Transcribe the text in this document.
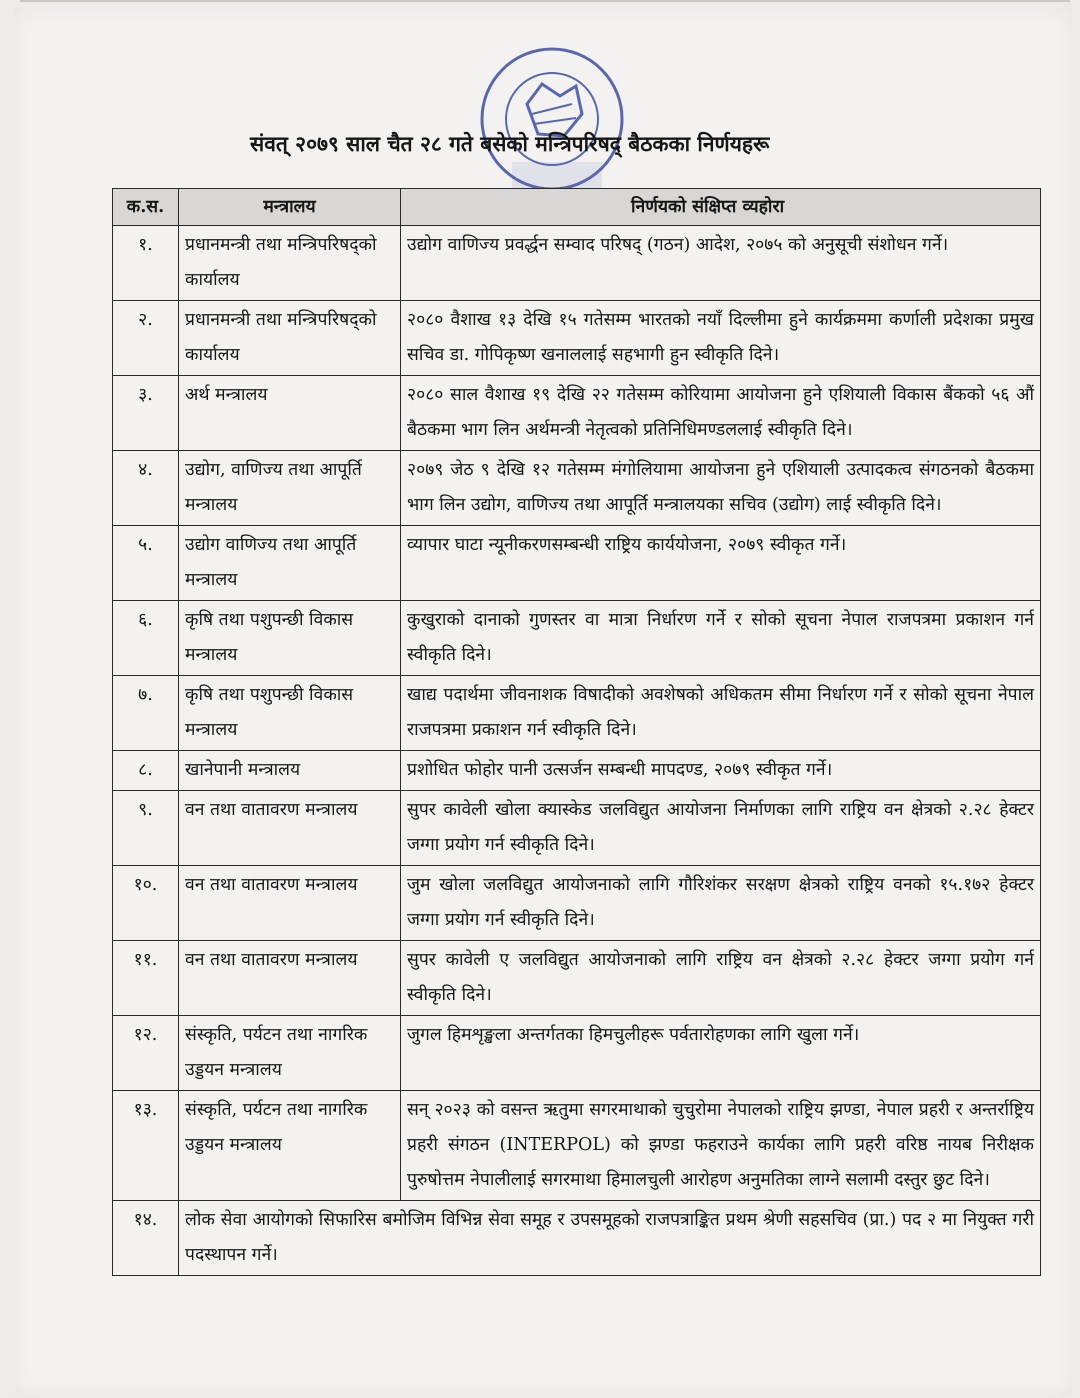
संवत् २०७९ साल चैत २८ गते बसेको मन्त्रिपरिषद् बैठकका निर्णयहरू
क.स.	मन्त्रालय	निर्णयको संक्षिप्त व्यहोरा
१.	प्रधानमन्त्री तथा मन्त्रिपरिषद्को कार्यालय	उद्योग वाणिज्य प्रवर्द्धन सम्वाद परिषद् (गठन) आदेश, २०७५ को अनुसूची संशोधन गर्ने।
२.	प्रधानमन्त्री तथा मन्त्रिपरिषद्को कार्यालय	२०८० वैशाख १३ देखि १५ गतेसम्म भारतको नयाँ दिल्लीमा हुने कार्यक्रममा कर्णाली प्रदेशका प्रमुख सचिव डा. गोपिकृष्ण खनाललाई सहभागी हुन स्वीकृति दिने।
३.	अर्थ मन्त्रालय	२०८० साल वैशाख १९ देखि २२ गतेसम्म कोरियामा आयोजना हुने एशियाली विकास बैंकको ५६ औं बैठकमा भाग लिन अर्थमन्त्री नेतृत्वको प्रतिनिधिमण्डललाई स्वीकृति दिने।
४.	उद्योग, वाणिज्य तथा आपूर्ति मन्त्रालय	२०७९ जेठ ९ देखि १२ गतेसम्म मंगोलियामा आयोजना हुने एशियाली उत्पादकत्व संगठनको बैठकमा भाग लिन उद्योग, वाणिज्य तथा आपूर्ति मन्त्रालयका सचिव (उद्योग) लाई स्वीकृति दिने।
५.	उद्योग वाणिज्य तथा आपूर्ति मन्त्रालय	व्यापार घाटा न्यूनीकरणसम्बन्धी राष्ट्रिय कार्ययोजना, २०७९ स्वीकृत गर्ने।
६.	कृषि तथा पशुपन्छी विकास मन्त्रालय	कुखुराको दानाको गुणस्तर वा मात्रा निर्धारण गर्ने र सोको सूचना नेपाल राजपत्रमा प्रकाशन गर्न स्वीकृति दिने।
७.	कृषि तथा पशुपन्छी विकास मन्त्रालय	खाद्य पदार्थमा जीवनाशक विषादीको अवशेषको अधिकतम सीमा निर्धारण गर्ने र सोको सूचना नेपाल राजपत्रमा प्रकाशन गर्न स्वीकृति दिने।
८.	खानेपानी मन्त्रालय	प्रशोधित फोहोर पानी उत्सर्जन सम्बन्धी मापदण्ड, २०७९ स्वीकृत गर्ने।
९.	वन तथा वातावरण मन्त्रालय	सुपर कावेली खोला क्यास्केड जलविद्युत आयोजना निर्माणका लागि राष्ट्रिय वन क्षेत्रको २.२८ हेक्टर जग्गा प्रयोग गर्न स्वीकृति दिने।
१०.	वन तथा वातावरण मन्त्रालय	जुम खोला जलविद्युत आयोजनाको लागि गौरिशंकर सरक्षण क्षेत्रको राष्ट्रिय वनको १५.१७२ हेक्टर जग्गा प्रयोग गर्न स्वीकृति दिने।
११.	वन तथा वातावरण मन्त्रालय	सुपर कावेली ए जलविद्युत आयोजनाको लागि राष्ट्रिय वन क्षेत्रको २.२८ हेक्टर जग्गा प्रयोग गर्न स्वीकृति दिने।
१२.	संस्कृति, पर्यटन तथा नागरिक उड्डयन मन्त्रालय	जुगल हिमशृङ्खला अन्तर्गतका हिमचुलीहरू पर्वतारोहणका लागि खुला गर्ने।
१३.	संस्कृति, पर्यटन तथा नागरिक उड्डयन मन्त्रालय	सन् २०२३ को वसन्त ऋतुमा सगरमाथाको चुचुरोमा नेपालको राष्ट्रिय झण्डा, नेपाल प्रहरी र अन्तर्राष्ट्रिय प्रहरी संगठन (INTERPOL) को झण्डा फहराउने कार्यका लागि प्रहरी वरिष्ठ नायब निरीक्षक पुरुषोत्तम नेपालीलाई सगरमाथा हिमालचुली आरोहण अनुमतिका लाग्ने सलामी दस्तुर छुट दिने।
१४.	लोक सेवा आयोगको सिफारिस बमोजिम विभिन्न सेवा समूह र उपसमूहको राजपत्राङ्कित प्रथम श्रेणी सहसचिव (प्रा.) पद २ मा नियुक्त गरी पदस्थापन गर्ने।	
